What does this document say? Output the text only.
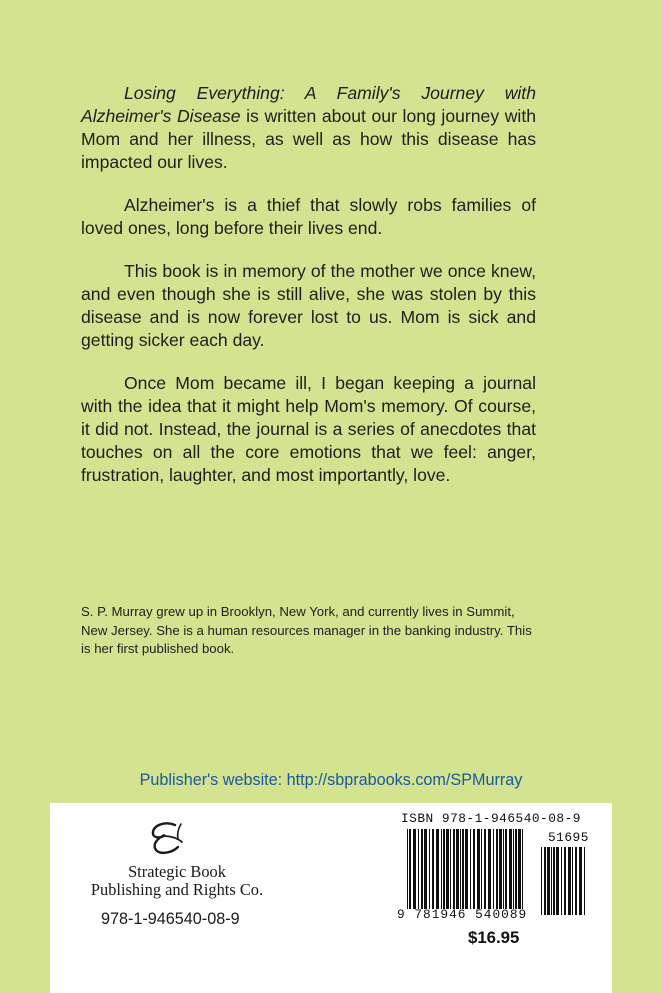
Losing Everything: A Family's Journey with Alzheimer's Disease is written about our long journey with Mom and her illness, as well as how this disease has impacted our lives.

Alzheimer's is a thief that slowly robs families of loved ones, long before their lives end.

This book is in memory of the mother we once knew, and even though she is still alive, she was stolen by this disease and is now forever lost to us. Mom is sick and getting sicker each day.

Once Mom became ill, I began keeping a journal with the idea that it might help Mom's memory. Of course, it did not. Instead, the journal is a series of anecdotes that touches on all the core emotions that we feel: anger, frustration, laughter, and most importantly, love.

S. P. Murray grew up in Brooklyn, New York, and currently lives in Summit, New Jersey. She is a human resources manager in the banking industry. This is her first published book.
Publisher's website: http://sbprabooks.com/SPMurray
Strategic Book
Publishing and Rights Co.
978-1-946540-08-9
ISBN 978-1-946540-08-9
51695
9 781946 540089
$16.95
